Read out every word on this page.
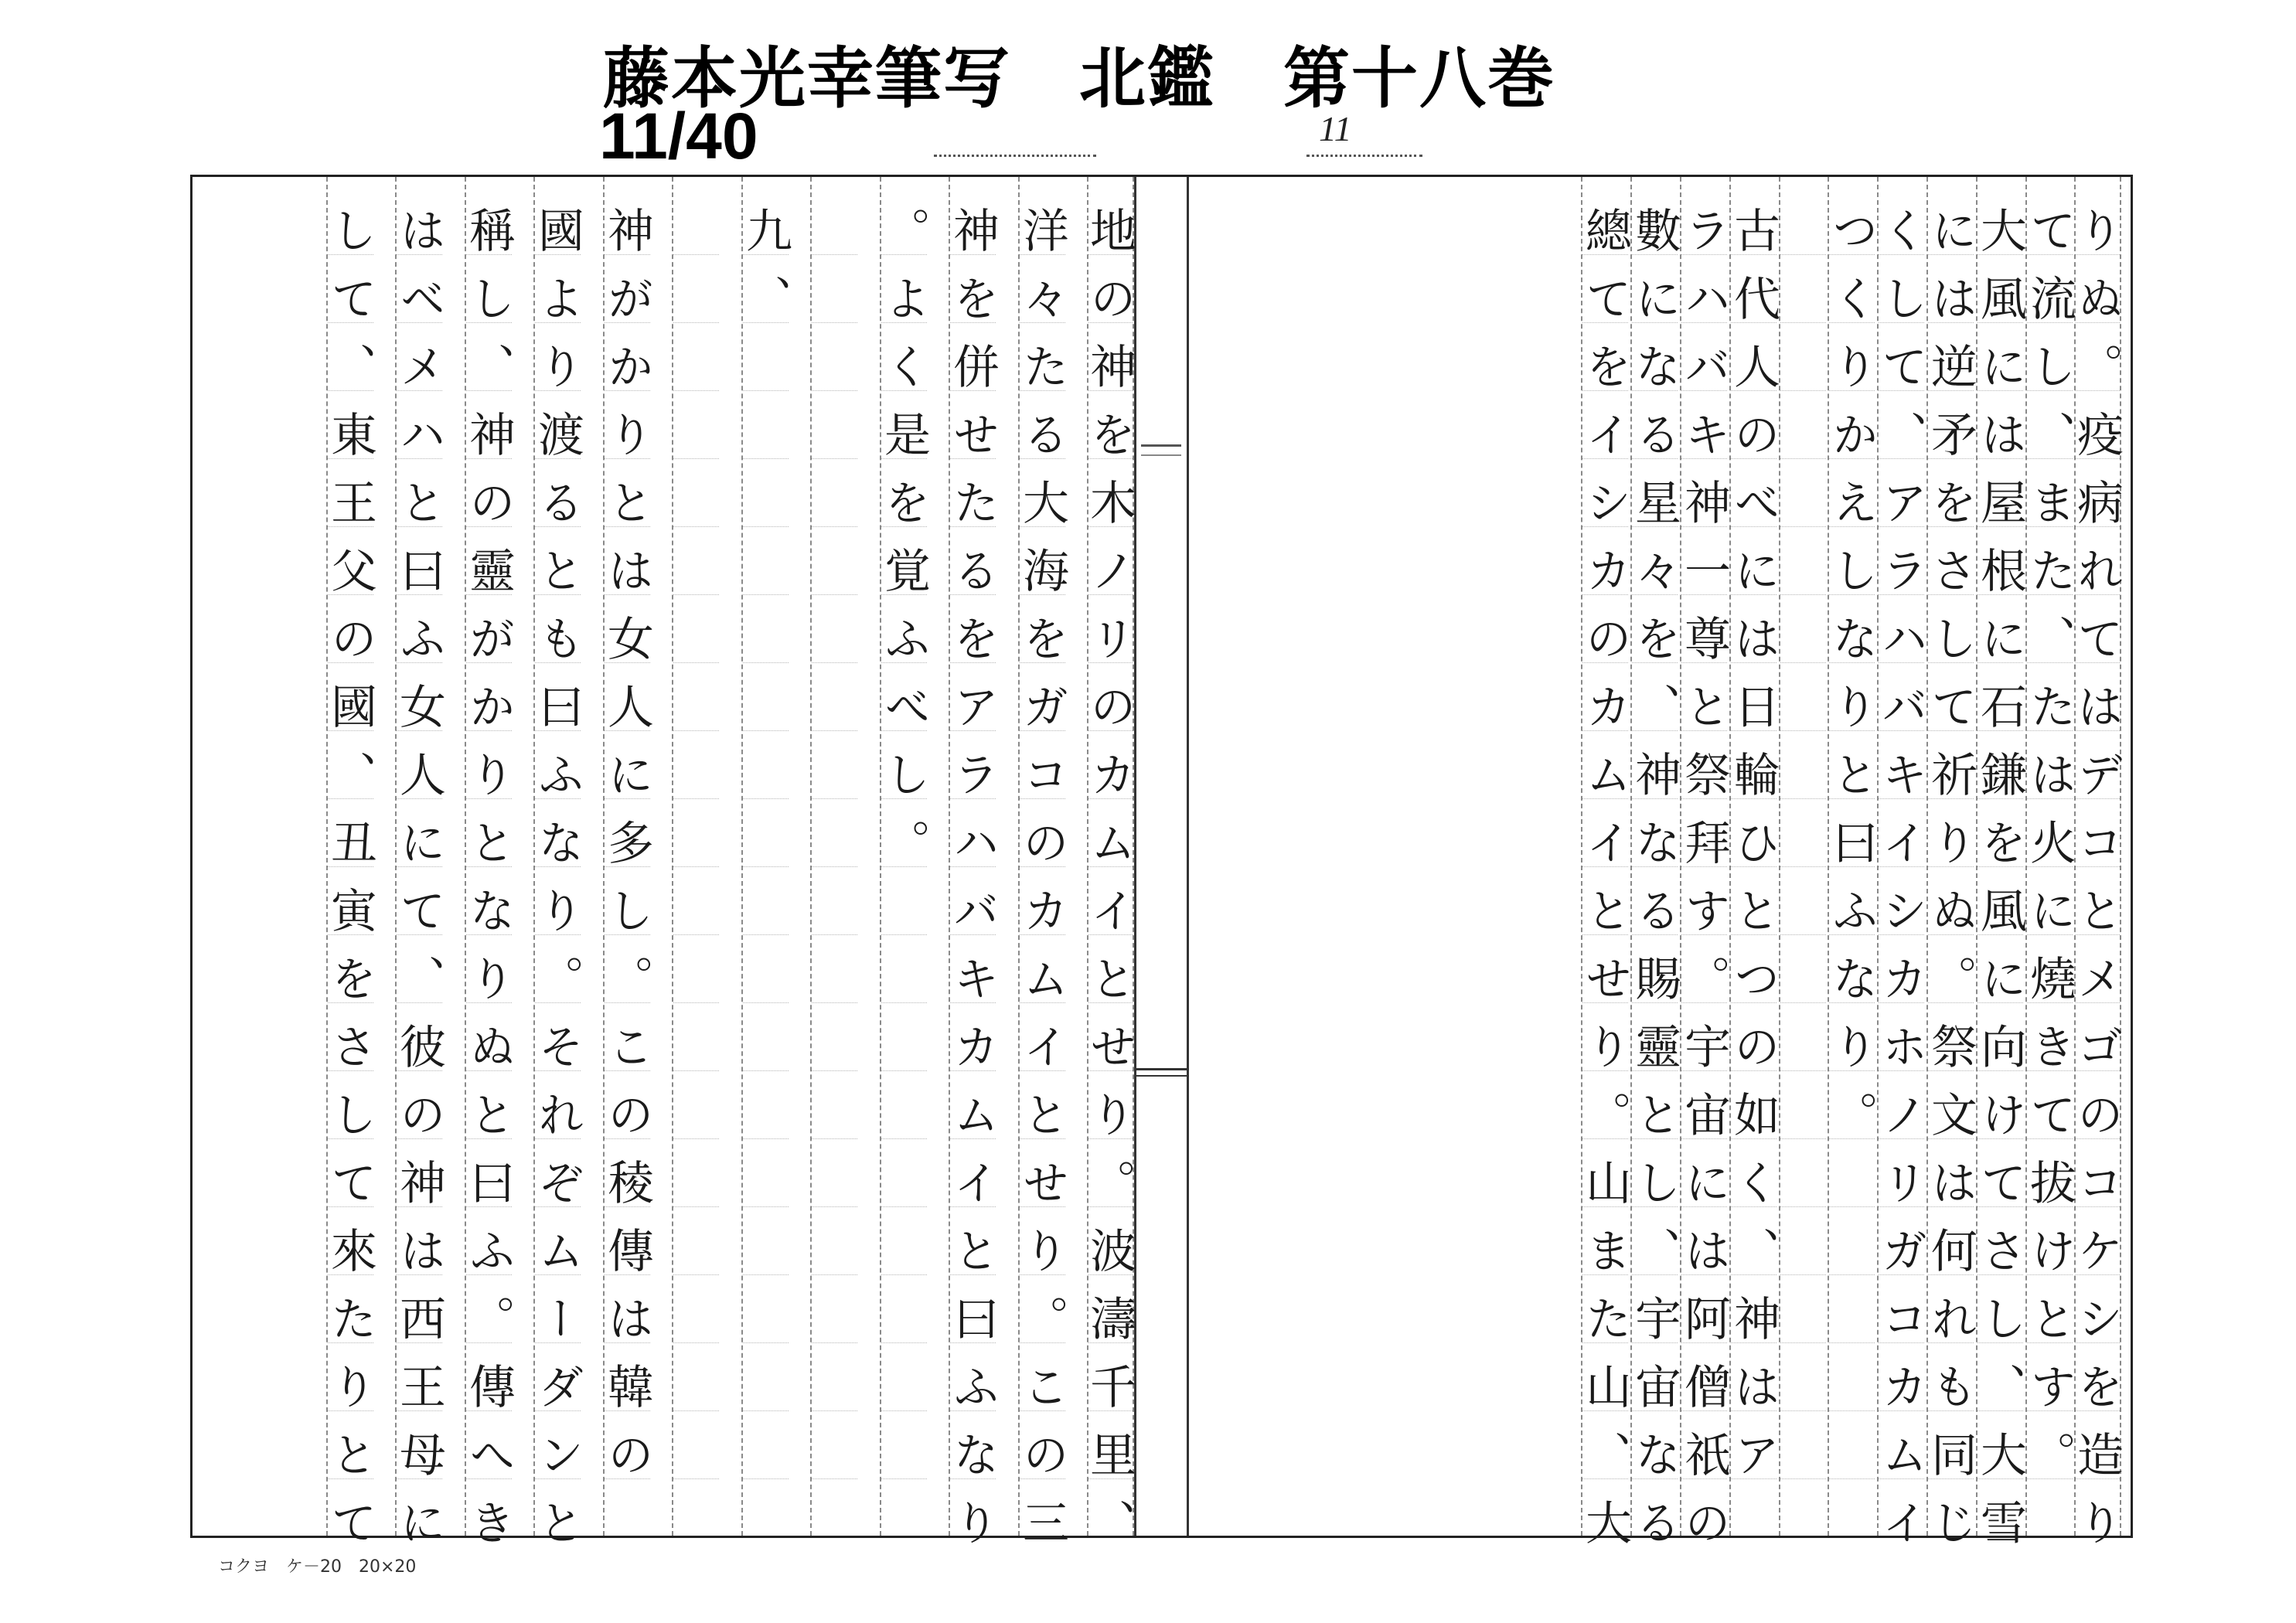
藤本光幸筆写　北鑑　第十八巻
11/40	11
り
ぬ
。
疫
病
れ
て
は
デ
コ
と
メ
ゴ
の
コ
ケ
シ
を
造
り
て
流
し
、
ま
た
、
た
は
火
に
燒
き
て
拔
け
と
す
。
大
風
に
は
屋
根
に
石
鎌
を
風
に
向
け
て
さ
し
、
大
雪
に
は
逆
矛
を
さ
し
て
祈
り
ぬ
。
祭
文
は
何
れ
も
同
じ
く
し
て
、
ア
ラ
ハ
バ
キ
イ
シ
カ
ホ
ノ
リ
ガ
コ
カ
ム
イ
つ
く
り
か
え
し
な
り
と
曰
ふ
な
り
。
古
代
人
の
べ
に
は
日
輪
ひ
と
つ
の
如
く
、
神
は
ア
ラ
ハ
バ
キ
神
一
尊
と
祭
拜
す
。
宇
宙
に
は
阿
僧
祇
の
數
に
な
る
星
々
を
、
神
な
る
賜
靈
と
し
、
宇
宙
な
る
總
て
を
イ
シ
カ
の
カ
ム
イ
と
せ
り
。
山
ま
た
山
、
大
地
の
神
を
木
ノ
リ
の
カ
ム
イ
と
せ
り
。
波
濤
千
里
、
洋
々
た
る
大
海
を
ガ
コ
の
カ
ム
イ
と
せ
り
。
こ
の
三
神
を
併
せ
た
る
を
ア
ラ
ハ
バ
キ
カ
ム
イ
と
曰
ふ
な
り
。
よ
く
是
を
覚
ふ
べ
し
。
九
、
神
が
か
り
と
は
女
人
に
多
し
。
こ
の
稜
傳
は
韓
の
國
よ
り
渡
る
と
も
曰
ふ
な
り
。
そ
れ
ぞ
ム
ー
ダ
ン
と
稱
し
、
神
の
靈
が
か
り
と
な
り
ぬ
と
曰
ふ
。
傳
へ
き
は
ベ
メ
ハ
と
曰
ふ
女
人
に
て
、
彼
の
神
は
西
王
母
に
し
て
、
東
王
父
の
國
、
丑
寅
を
さ
し
て
來
た
り
と
て
コクヨ　ケ－20　20×20
